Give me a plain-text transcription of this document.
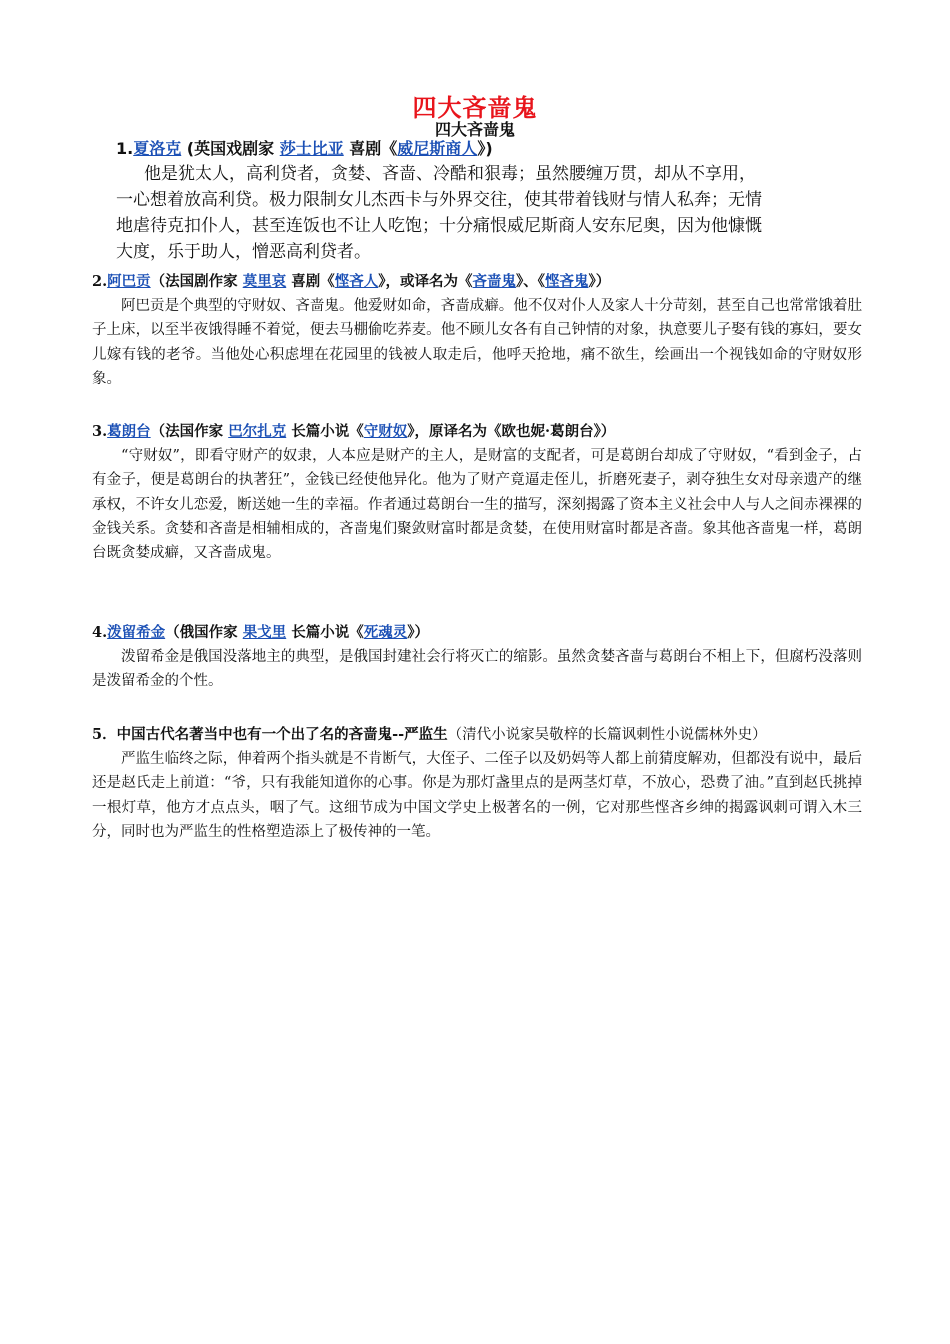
四大吝啬鬼
四大吝啬鬼
1.夏洛克 (英国戏剧家 莎士比亚 喜剧《威尼斯商人》)
他是犹太人，高利贷者，贪婪、吝啬、冷酷和狠毒；虽然腰缠万贯，却从不享用，
一心想着放高利贷。极力限制女儿杰西卡与外界交往，使其带着钱财与情人私奔；无情
地虐待克扣仆人，甚至连饭也不让人吃饱；十分痛恨威尼斯商人安东尼奥，因为他慷慨
大度，乐于助人，憎恶高利贷者。
2.阿巴贡（法国剧作家 莫里哀 喜剧《悭吝人》，或译名为《吝啬鬼》、《悭吝鬼》）
阿巴贡是个典型的守财奴、吝啬鬼。他爱财如命，吝啬成癖。他不仅对仆人及家人十分苛刻，甚至自己也常常饿着肚子上床，以至半夜饿得睡不着觉，便去马棚偷吃荞麦。他不顾儿女各有自己钟情的对象，执意要儿子娶有钱的寡妇，要女儿嫁有钱的老爷。当他处心积虑埋在花园里的钱被人取走后，他呼天抢地，痛不欲生，绘画出一个视钱如命的守财奴形象。
3.葛朗台（法国作家 巴尔扎克 长篇小说《守财奴》，原译名为《欧也妮·葛朗台》）
“守财奴”，即看守财产的奴隶，人本应是财产的主人，是财富的支配者，可是葛朗台却成了守财奴，“看到金子，占有金子，便是葛朗台的执著狂”，金钱已经使他异化。他为了财产竟逼走侄儿，折磨死妻子，剥夺独生女对母亲遗产的继承权，不许女儿恋爱，断送她一生的幸福。作者通过葛朗台一生的描写，深刻揭露了资本主义社会中人与人之间赤裸裸的金钱关系。贪婪和吝啬是相辅相成的，吝啬鬼们聚敛财富时都是贪婪，在使用财富时都是吝啬。象其他吝啬鬼一样，葛朗台既贪婪成癖，又吝啬成鬼。
4.泼留希金（俄国作家 果戈里 长篇小说《死魂灵》）
泼留希金是俄国没落地主的典型，是俄国封建社会行将灭亡的缩影。虽然贪婪吝啬与葛朗台不相上下，但腐朽没落则是泼留希金的个性。
5．中国古代名著当中也有一个出了名的吝啬鬼--严监生（清代小说家吴敬梓的长篇讽刺性小说儒林外史）
严监生临终之际，伸着两个指头就是不肯断气，大侄子、二侄子以及奶妈等人都上前猜度解劝，但都没有说中，最后还是赵氏走上前道：“爷，只有我能知道你的心事。你是为那灯盏里点的是两茎灯草，不放心，恐费了油。”直到赵氏挑掉一根灯草，他方才点点头，咽了气。这细节成为中国文学史上极著名的一例，它对那些悭吝乡绅的揭露讽刺可谓入木三分，同时也为严监生的性格塑造添上了极传神的一笔。
